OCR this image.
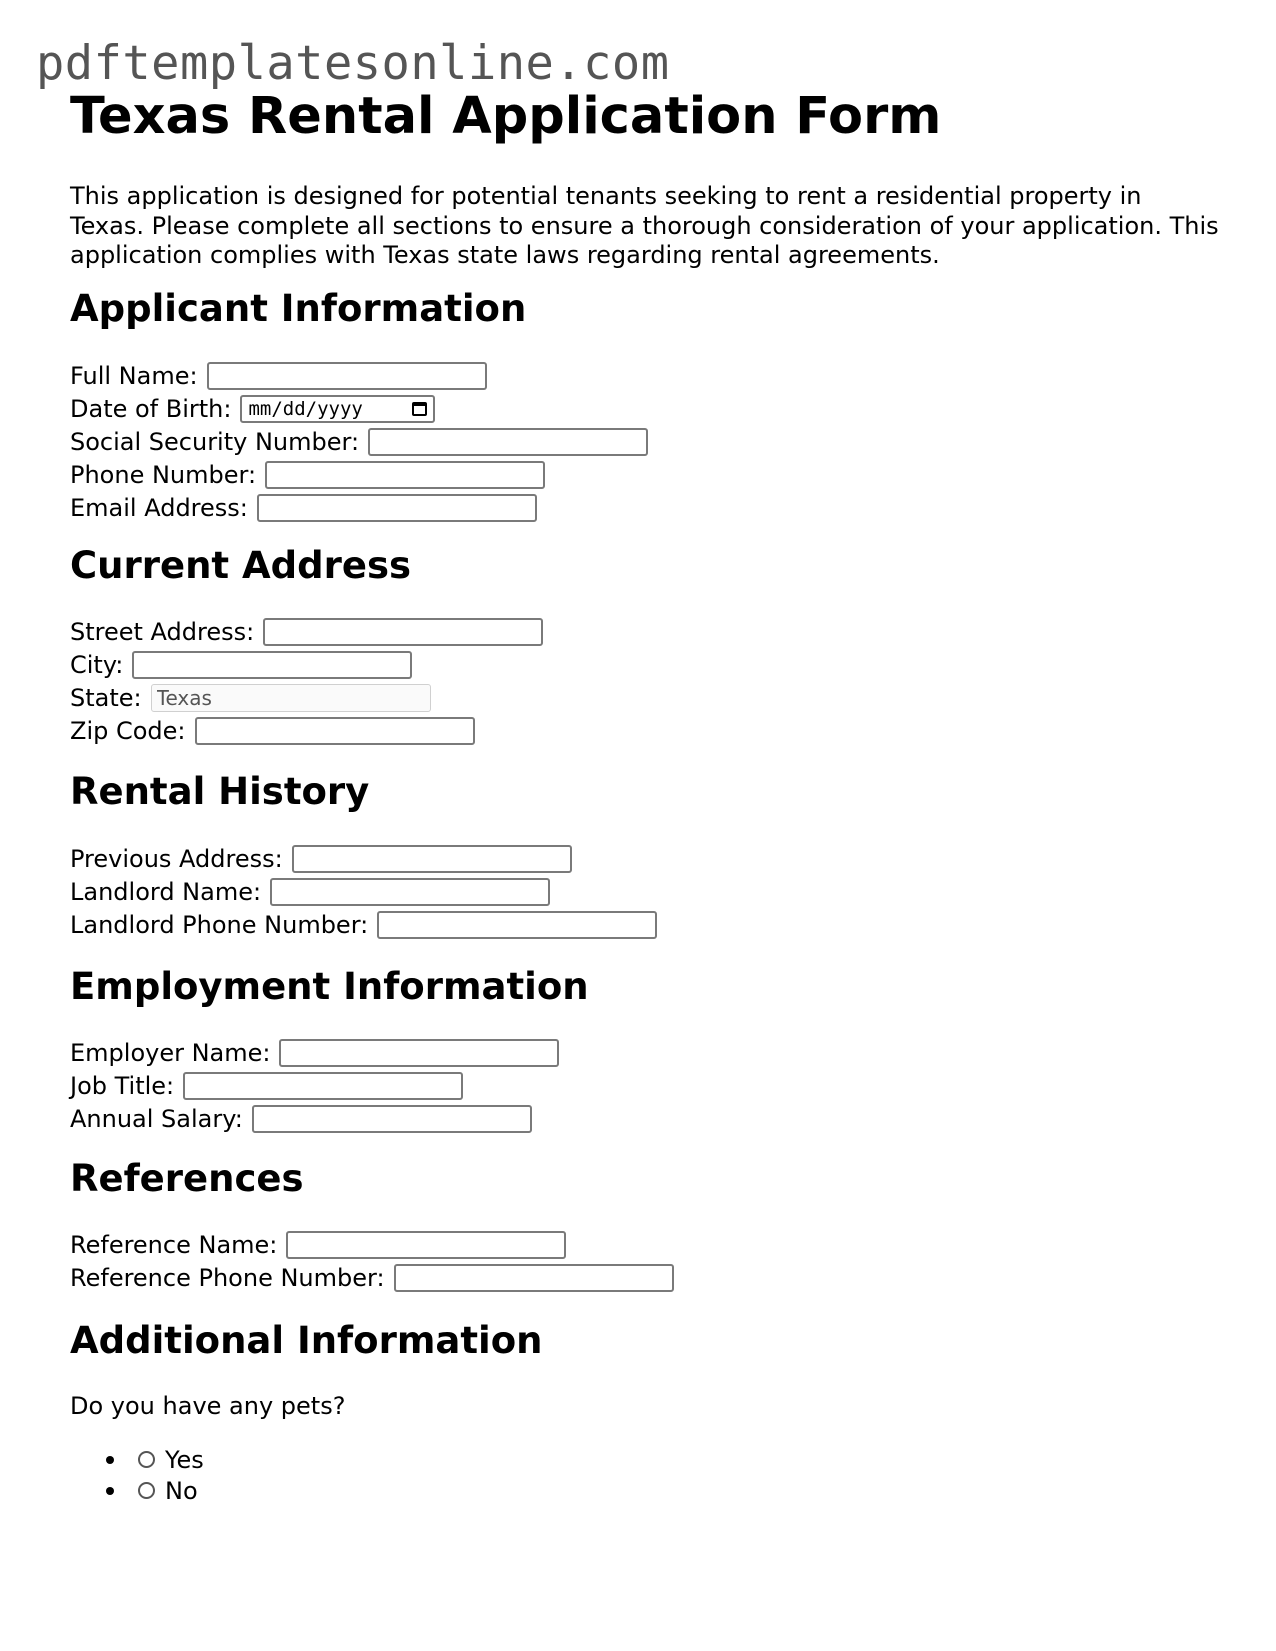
pdftemplatesonline.com
Texas Rental Application Form

This application is designed for potential tenants seeking to rent a residential property in Texas. Please complete all sections to ensure a thorough consideration of your application. This application complies with Texas state laws regarding rental agreements.

Applicant Information
Full Name:
Date of Birth: mm/dd/yyyy
Social Security Number:
Phone Number:
Email Address:
Current Address
Street Address:
City:
State:
Texas
Zip Code:
Rental History
Previous Address:
Landlord Name:
Landlord Phone Number:
Employment Information
Employer Name:
Job Title:
Annual Salary:
References
Reference Name:
Reference Phone Number:
Additional Information

Do you have any pets?

Yes
No
